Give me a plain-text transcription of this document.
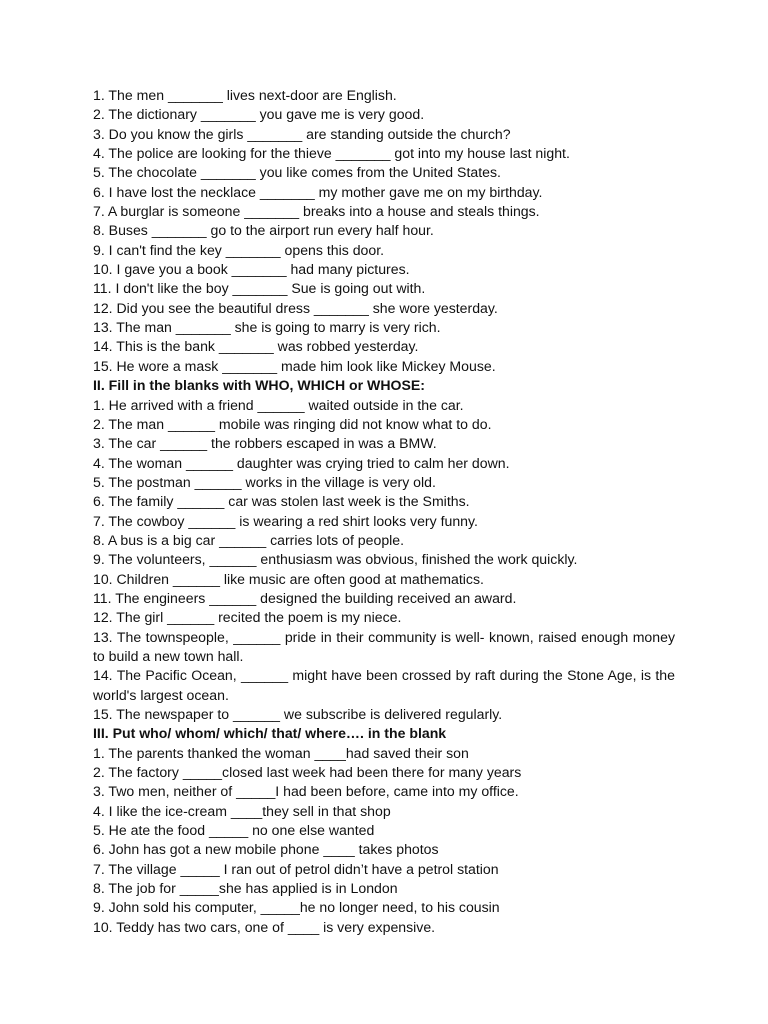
1. The men _______ lives next-door are English.
2. The dictionary _______ you gave me is very good.
3. Do you know the girls _______ are standing outside the church?
4. The police are looking for the thieve _______ got into my house last night.
5. The chocolate _______ you like comes from the United States.
6. I have lost the necklace _______ my mother gave me on my birthday.
7. A burglar is someone _______ breaks into a house and steals things.
8. Buses _______ go to the airport run every half hour.
9. I can't find the key _______ opens this door.
10. I gave you a book _______ had many pictures.
11. I don't like the boy _______ Sue is going out with.
12. Did you see the beautiful dress _______ she wore yesterday.
13. The man _______ she is going to marry is very rich.
14. This is the bank _______ was robbed yesterday.
15. He wore a mask _______ made him look like Mickey Mouse.
II. Fill in the blanks with WHO, WHICH or WHOSE:
1. He arrived with a friend ______ waited outside in the car.
2. The man ______ mobile was ringing did not know what to do.
3. The car ______ the robbers escaped in was a BMW.
4. The woman ______ daughter was crying tried to calm her down.
5. The postman ______ works in the village is very old.
6. The family ______ car was stolen last week is the Smiths.
7. The cowboy ______ is wearing a red shirt looks very funny.
8. A bus is a big car ______ carries lots of people.
9. The volunteers, ______ enthusiasm was obvious, finished the work quickly.
10. Children ______ like music are often good at mathematics.
11. The engineers ______ designed the building received an award.
12. The girl ______ recited the poem is my niece.
13. The townspeople, ______ pride in their community is well- known, raised enough money to build a new town hall.
14. The Pacific Ocean, ______ might have been crossed by raft during the Stone Age, is the world's largest ocean.
15. The newspaper to ______ we subscribe is delivered regularly.
III. Put who/ whom/ which/ that/ where…. in the blank
1. The parents thanked the woman ____had saved their son
2. The factory _____closed last week had been there for many years
3. Two men, neither of _____I had been before, came into my office.
4. I like the ice-cream ____they sell in that shop
5. He ate the food _____ no one else wanted
6. John has got a new mobile phone ____ takes photos
7. The village _____ I ran out of petrol didn’t have a petrol station
8. The job for _____she has applied is in London
9. John sold his computer, _____he no longer need, to his cousin
10. Teddy has two cars, one of ____ is very expensive.
